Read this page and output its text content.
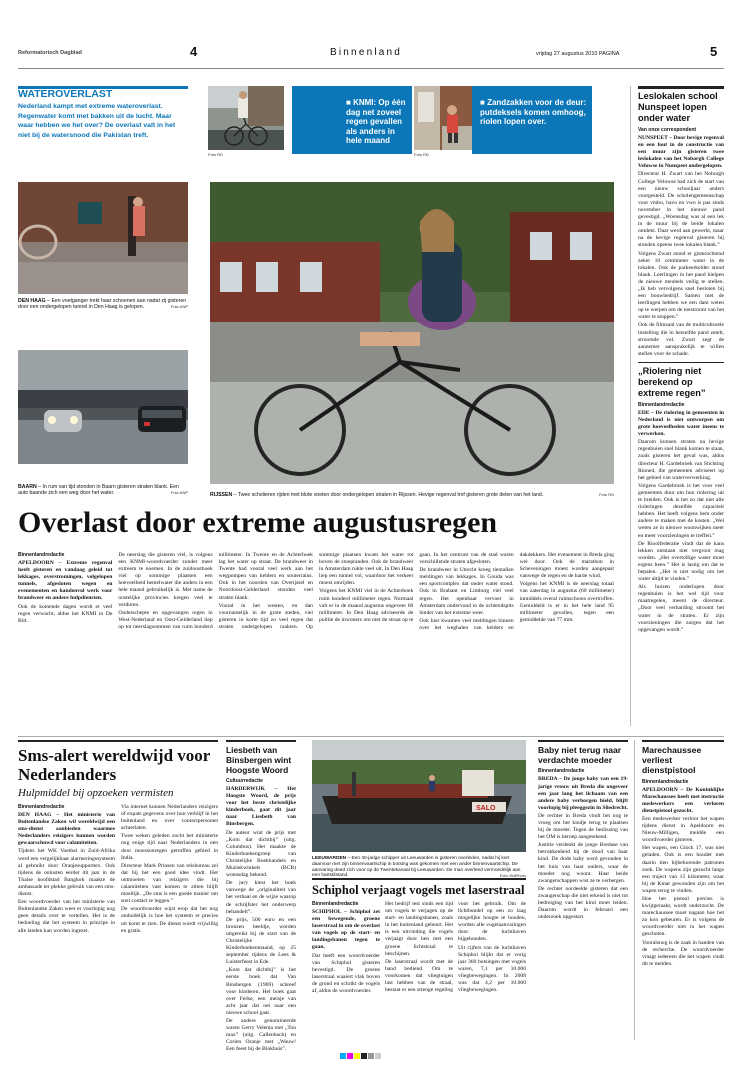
Reformatorisch Dagblad	4	Binnenland	vrijdag 27 augustus 2010 PAGINA	5
WATEROVERLAST
Nederland kampt met extreme wateroverlast. Regenwater komt met bakken uit de lucht. Maar waar hebben we het over? De overlast valt in het niet bij de watersnood die Pakistan treft.
Foto RD
■ KNMI: Op één dag net zoveel regen gevallen als anders in hele maand
Foto RD
■ Zandzakken voor de deur: putdeksels komen omhoog, riolen lopen over.
DEN HAAG – Een voetganger trekt haar schoenen aan nadat zij gisteren door een ondergelopen tunnel in Den Haag is gelopen.	Foto ANP
BAARN – In rum van tijd stonden in Baarn gisteren straten blank. Een auto baande zich een weg door het water.	Foto ANP	RIJSSEN – Twee scholieren rijden met blote voeten door ondergelopen straten in Rijssen. Hevige regenval trof gisteren grote delen van het land.	Foto RD
Overlast door extreme augustusregen
Binnenlandredactie

APELDOORN – Extreme regenval heeft gisteren en vandaag geleid tot lekkages, overstromingen, volgelopen tunnels, afgesloten wegen en evenementen en handenvol werk voor brandweer en andere hulpdiensten.

Ook de komende dagen wordt er veel regen verwacht, aldus het KNMI in De Bilt.

De neerslag die gisteren viel, is volgens een KNMI-woordvoerder zonder meer extreem te noemen. In de zuidoosthoek viel op sommige plaatsen een hoeveelheid hemelwater die anders in een hele maand gebruikelijk is. Met name de oostelijke provincies kregen veel te verduren.

Onderschepte en opgevangen regen in West-Nederland en Oost-Gelderland liep op tot neerslagsommen van ruim honderd millimeter. In Twente en de Achterhoek lag het water op straat. De brandweer in Twente had vooral veel werk aan het wegpompen van kelders en souterrains. Ook in het noorden van Overijssel en Noordoost-Gelderland stonden veel straten blank.

Vooral in het westen, en dan voornamelijk in de grote steden, viel gisteren in korte tijd zo veel regen dat straten ondergelopen raakten. Op sommige plaatsen kwam het water tot boven de stoepranden. Ook de brandweer in Amsterdam rukte veel uit. In Den Haag liep een tunnel vol, waardoor het verkeer moest omrijden.

Volgens het KNMI viel in de Achterhoek ruim honderd millimeter regen. Normaal valt er in de maand augustus ongeveer 60 millimeter. In Den Haag adviseerde de politie de inwoners om niet de straat op te gaan. In het centrum van de stad waren verschillende straten afgesloten.

De brandweer in Utrecht kreeg tientallen meldingen van lekkages. In Gouda was een sportcomplex dat onder water stond. Ook in Brabant en Limburg viel veel regen. Het openbaar vervoer in Amsterdam ondervond in de ochtendspits hinder van het extreme weer.

Ook hier kwamen veel meldingen binnen over het weghalen van kelders en dakdekkers. Het evenement in Breda ging wel door. Ook de marathon in Scheveningen moest worden aangepast vanwege de regen en de harde wind.

Volgens het KNMI is de neerslag totaal van zaterdag in augustus (60 millimeter) inmiddels overal ruimschoots overtroffen. Gemiddeld is er in het hele land 95 millimeter gevallen, tegen een gemiddelde van 77 mm.

Leslokalen school Nunspeet lopen onder water
Van onze correspondent

NUNSPEET – Door hevige regenval en een fout in de constructie van een muur zijn gisteren twee leslokalen van het Noborgh College Veluwse in Nunspeet ondergelopen.

Directeur H. Zwart van het Noborgh College Veluwse had zich de start van een nieuw schooljaar anders voorgesteld. De scholengemeenschap voor vmbo, havo en vwo is pas sinds november in het nieuwe pand gevestigd. „Woensdag was al een lek in de muur bij de beide lokalen ontdekt. Daar werd aan gewerkt, maar na de hevige regenval gisteren bij stonden opeens twee lokalen blank.”

Volgens Zwart stond er gisterochtend zeker 10 centimeter water in de lokalen. Ook de parkeerkelder stond blank. Leerlingen in het pand hielpen de nieuwe meubels veilig te stellen. „Ik heb vervolgens snel besloten bij een bouwbedrijf. Samen met de leerlingen hebben we een dam weten op te werpen om de toestroom van het water te stoppen.”

Ook de filmzaal van de multiculturele instelling die in hetzelfde pand zetelt, stroomde vol. Zwart zegt de aannemer aansprakelijk te willen stellen voor de schade.

„Riolering niet berekend op extreme regen”
Binnenlandredactie

EDE – De riolering in gemeenten in Nederland is niet ontworpen om grote hoeveelheden water ineens te verwerken.

Daarom kunnen straten na hevige regenbuien snel blank komen te staan, zoals gisteren het geval was, aldus directeur H. Gardebroek van Stichting Rioned, die gemeenten adviseert op het gebied van waterverwerking.

Volgens Gardebroek is het voor veel gemeenten duur om hun riolering uit te breiden. Ook is het zo dat niet alle rioleringen dezelfde capaciteit hebben. Het heeft volgens hem onder andere te maken met de kosten. „Wel weten ze in nieuwe woonwijken meer en meer voorzieningen te treffen.”

De Rioolfederatie vindt dat de kans lekken ontstaan niet vergroot mag worden. „Het overtollige water moet ergens heen.” Het is lastig om dat te bepalen. „Het is niet nodig om het water altijd te vinden.”

Als huizen onderlopen door regenbuien is het wel tijd voor maatregelen, meent de directeur. „Door veel verharding stroomt het water in de straten. Er zijn voorzieningen die zorgen dat het opgevangen wordt.”

Sms-alert wereldwijd voor Nederlanders
Hulpmiddel bij opzoeken vermisten
Binnenlandredactie

DEN HAAG – Het ministerie van Buitenlandse Zaken wil wereldwijd een sms-dienst aanbieden waarmee Nederlanders reizigers kunnen worden gewaarschuwd voor calamiteiten.

Tijdens het WK Voetbal in Zuid-Afrika werd een vergelijkbaar alarmeringssysteem al gebruikt door Oranjesupporters. Ook tijdens de onlusten eerder dit jaar in de Thaise hoofdstad Bangkok maakte de ambassade ter plekke gebruik van een sms-dienst.

Een woordvoerder van het ministerie van Buitenlandse Zaken weet er voorlopig nog geen details over te vertellen. Het is de bedoeling dat het systeem in principe in alle landen kan worden ingezet.

Via internet kunnen Nederlanders reizigers of expats gegevens over hun verblijf in het buitenland en over contactpersonen achterlaten.

Twee weken geleden zocht het ministerie nog enige tijd naar Nederlanders in een door moessonregen getroffen gebied in India.

Directeur Mark Prinsen van reisbureau zei dat hij het een goed idee vindt. Het ontmoeten van reizigers die bij calamiteiten vast komen te zitten blijft moeilijk. „De sms is een goede manier om snel contact te leggen.”

De woordvoerder wijst erop dat het nog onduidelijk is hoe het systeem er precies uit komt te zien. De dienst wordt vrijwillig en gratis.

Liesbeth van Binsbergen wint Hoogste Woord
Cultuurredactie

HARDERWIJK – Het Hoogste Woord, de prijs voor het beste christelijke kinderboek, gaat dit jaar naar Liesbeth van Binsbergen.

De auteur wint de prijs met „Kom dat dichtbij” (uitg. Columbus). Het maakte de Kinderboekengroep van Christelijke Boekhandels en Muziekwinkels (BCB) woensdag bekend.

De jury kiest het boek vanwege de „originaliteit van het verhaal en de wijze waarop de schrijfster het onderwerp behandelt”.

De prijs, 500 euro en een bronzen beeldje, worden uitgereikt bij de start van de Christelijke Kinderboekenmaand, op 25 september tijdens de Lees & Luisterfeest in Ede.

„Kom dat dichtbij” is het eerste boek dat Van Binsbergen (1969) schreef voor kinderen. Het boek gaat over Ferke, een meisje van acht jaar dat net naar een nieuwe school gaat.

De andere genomineerde waren Gerry Velema met „Ton max” (uitg. Callenbach) en Corien Oranje met „Wauw! Een feest bij de Blokhuis”.

SALO
LEEUWARDEN – Een 40-jarige schipper uit Leeuwarden is gisteren overleden, nadat hij kort daarvoor met zijn binnenvaartschip in botsing was gekomen met een ander binnenvaartschip. De aanvaring deed zich voor op de Twentekanaal bij Leeuwarden. De man overleed vermoedelijk aan een hartstilstand.	Foto VidiPhoto
Schiphol verjaagt vogels met laserstraal
Binnenlandredactie

SCHIPHOL – Schiphol zet een bewegende, groene laserstraal in om de overlast van vogels op de start- en landingsbanen tegen te gaan.

Dat heeft een woordvoerder van Schiphol gisteren bevestigd. De groene laserstraal waaiert vlak boven de grond en schrikt de vogels af, aldus de woordvoerder.

Het bedrijf test sinds een tijd om vogels te verjagen op de start- en landingsbanen, zoals in het buitenland gebeurt. Het is een uitvinding die vogels verjaagt door hen met een groene lichtstraal te beschijnen.

De laserstraal wordt met de hand bediend. Om te voorkomen dat vliegtuigen last hebben van de straal, bestaat er een strenge regeling voor het gebruik. Om de lichtbundel op een zo laag mogelijke hoogte te houden, worden alle vogelaanvaringen door de luchthaven bijgehouden.

Uit cijfers van de luchthaven Schiphol blijkt dat er vorig jaar 360 botsingen met vogels waren, 7,1 per 10.000 vliegbewegingen. In 2008 was dat 4,2 per 10.000 vliegbewegingen.

Baby niet terug naar verdachte moeder
Binnenlandredactie

BREDA – De jonge baby van een 19-jarige vrouw uit Breda die ongeveer een jaar lang het lichaam van een andere baby verborgen hield, blijft voorlopig bij pleeggezin in Sliedrecht.

De rechter in Breda vindt het nog te vroeg om het kindje terug te plaatsen bij de moeder. Tegen de beslissing van het OM is beroep aangetekend.

Justitie verdenkt de jonge Bredase van betrokkenheid bij de dood van haar kind. De dode baby werd gevonden in het huis van haar ouders, waar de moeder nog woont. Haar beide zwangerschappen wist ze te verbergen.

De rechter oordeelde gisteren dat een zwangerschap die niet erkend is niet tot bedreiging van het kind moet leiden. Daarom wordt in februari een onderzoek opgestart.

Marechaussee verliest dienstpistool
Binnenlandredactie

APELDOORN – De Koninklijke Marechaussee heeft met instructie medewerkers een verloren dienstpistool gezocht.

Een medewerker verloor het wapen tijdens dienst in Apeldoorn en Nieuw-Milligen, meldde een woordvoerder gisteren.

Het wapen, een Glock 17, was niet geladen. Ook is een houder met daarin tien bijbehorende patronen zoek. De wapens zijn gezocht langs een traject van 15 kilometer, waar bij de Kmar gewonden zijn om het wapen terug te vinden.

Hoe het pistool precies is kwijtgeraakt, wordt onderzocht. De marechaussee moet nagaan hoe het zo kon gebeuren. Er is volgens de woordvoerder niet in het wapen geschoten.

Vooralsnog is de zaak in handen van de recherche. De woordvoerder vraagt iedereen die het wapen vindt dit te melden.
